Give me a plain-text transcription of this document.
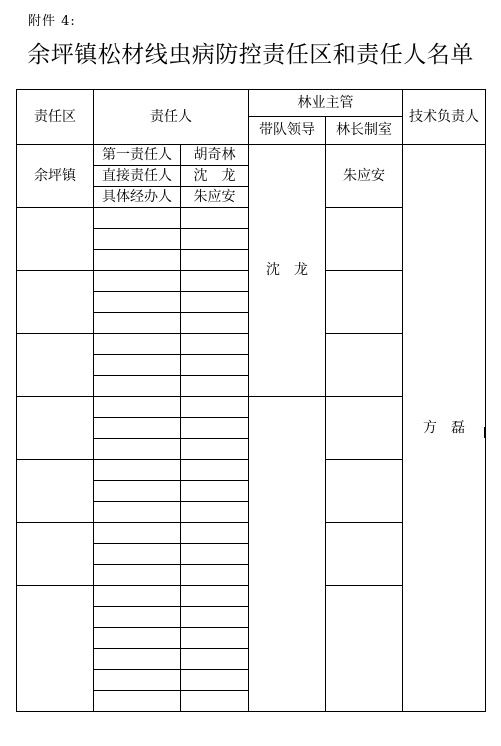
附件 4:
余坪镇松材线虫病防控责任区和责任人名单
责任区	责任人		林业主管		技术负责人
			带队领导	林长制室	
余坪镇	第一责任人	胡奇林	沈　龙	朱应安	方　磊
	直接责任人	沈　龙			
	具体经办人	朱应安			
